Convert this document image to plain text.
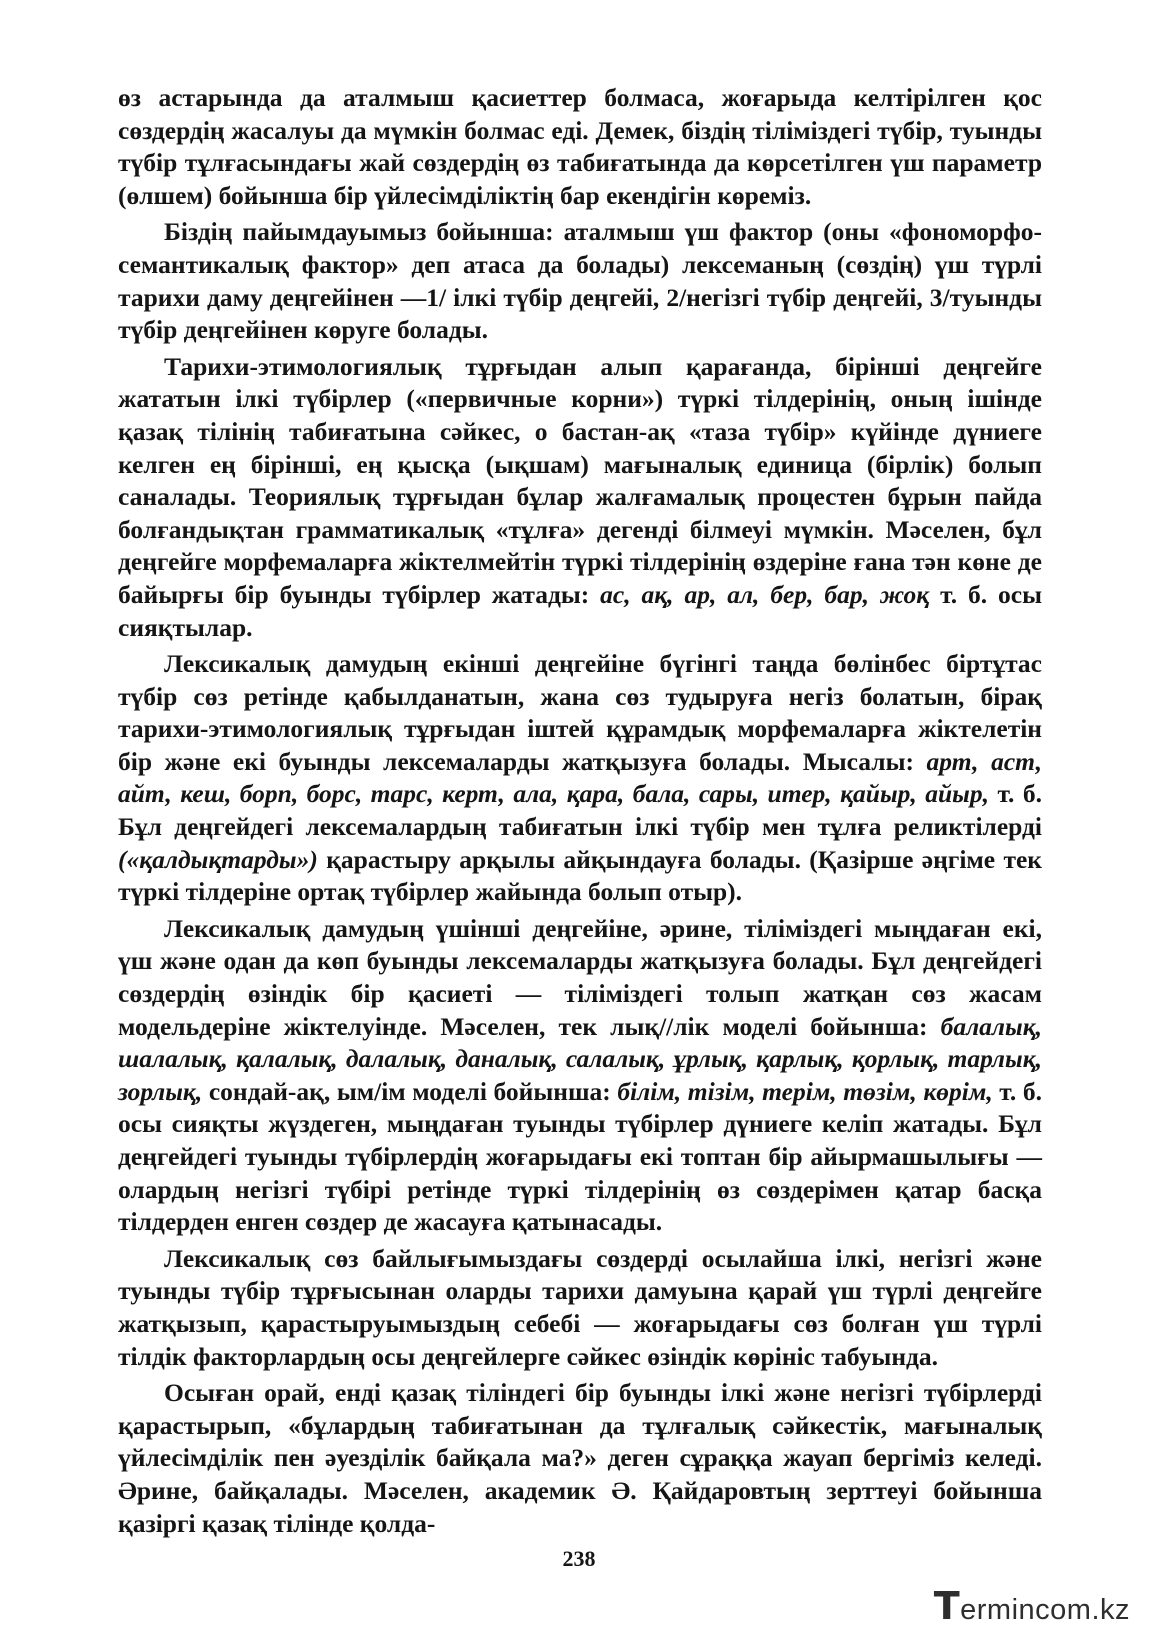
өз астарында да аталмыш қасиеттер болмаса, жоғарыда келтірілген қос сөздердің жасалуы да мүмкін болмас еді. Демек, біздің тіліміздегі түбір, туынды түбір тұлғасындағы жай сөздердің өз табиғатында да көрсетілген үш параметр (өлшем) бойынша бір үйлесімділіктің бар екендігін көреміз.

Біздің пайымдауымыз бойынша: аталмыш үш фактор (оны «фономорфо-семантикалық фактор» деп атаса да болады) лексеманың (сөздің) үш түрлі тарихи даму деңгейінен —1/ ілкі түбір деңгейі, 2/негізгі түбір деңгейі, 3/туынды түбір деңгейінен көруге болады.

Тарихи-этимологиялық тұрғыдан алып қарағанда, бірінші деңгейге жататын ілкі түбірлер («первичные корни») түркі тілдерінің, оның ішінде қазақ тілінің табиғатына сәйкес, о бастан-ақ «таза түбір» күйінде дүниеге келген ең бірінші, ең қысқа (ықшам) мағыналық единица (бірлік) болып саналады. Теориялық тұрғыдан бұлар жалғамалық процестен бұрын пайда болғандықтан грамматикалық «тұлға» дегенді білмеуі мүмкін. Мәселен, бұл деңгейге морфемаларға жіктелмейтін түркі тілдерінің өздеріне ғана тән көне де байырғы бір буынды түбірлер жатады: ас, ақ, ар, ал, бер, бар, жоқ т. б. осы сияқтылар.

Лексикалық дамудың екінші деңгейіне бүгінгі таңда бөлінбес біртұтас түбір сөз ретінде қабылданатын, жана сөз тудыруға негіз болатын, бірақ тарихи-этимологиялық тұрғыдан іштей құрамдық морфемаларға жіктелетін бір және екі буынды лексемаларды жатқызуға болады. Мысалы: арт, аст, айт, кеш, борп, борс, тарс, керт, ала, қара, бала, сары, итер, қайыр, айыр, т. б. Бұл деңгейдегі лексемалардың табиғатын ілкі түбір мен тұлға реликтілерді («қалдықтарды») қарастыру арқылы айқындауға болады. (Қазірше әңгіме тек түркі тілдеріне ортақ түбірлер жайында болып отыр).

Лексикалық дамудың үшінші деңгейіне, әрине, тіліміздегі мыңдаған екі, үш және одан да көп буынды лексемаларды жатқызуға болады. Бұл деңгейдегі сөздердің өзіндік бір қасиеті — тіліміздегі толып жатқан сөз жасам модельдеріне жіктелуінде. Мәселен, тек лық//лік моделі бойынша: балалық, шалалық, қалалық, далалық, даналық, салалық, ұрлық, қарлық, қорлық, тарлық, зорлық, сондай-ақ, ым/ім моделі бойынша: білім, тізім, терім, төзім, көрім, т. б. осы сияқты жүздеген, мыңдаған туынды түбірлер дүниеге келіп жатады. Бұл деңгейдегі туынды түбірлердің жоғарыдағы екі топтан бір айырмашылығы — олардың негізгі түбірі ретінде түркі тілдерінің өз сөздерімен қатар басқа тілдерден енген сөздер де жасауға қатынасады.

Лексикалық сөз байлығымыздағы сөздерді осылайша ілкі, негізгі және туынды түбір тұрғысынан оларды тарихи дамуына қарай үш түрлі деңгейге жатқызып, қарастыруымыздың себебі — жоғарыдағы сөз болған үш түрлі тілдік факторлардың осы деңгейлерге сәйкес өзіндік көрініс табуында.

Осыған орай, енді қазақ тіліндегі бір буынды ілкі және негізгі түбірлерді қарастырып, «бұлардың табиғатынан да тұлғалық сәйкестік, мағыналық үйлесімділік пен әуезділік байқала ма?» деген сұраққа жауап бергіміз келеді. Әрине, байқалады. Мәселен, академик Ә. Қайдаровтың зерттеуі бойынша қазіргі қазақ тілінде қолда-

238
Termincom.kz
